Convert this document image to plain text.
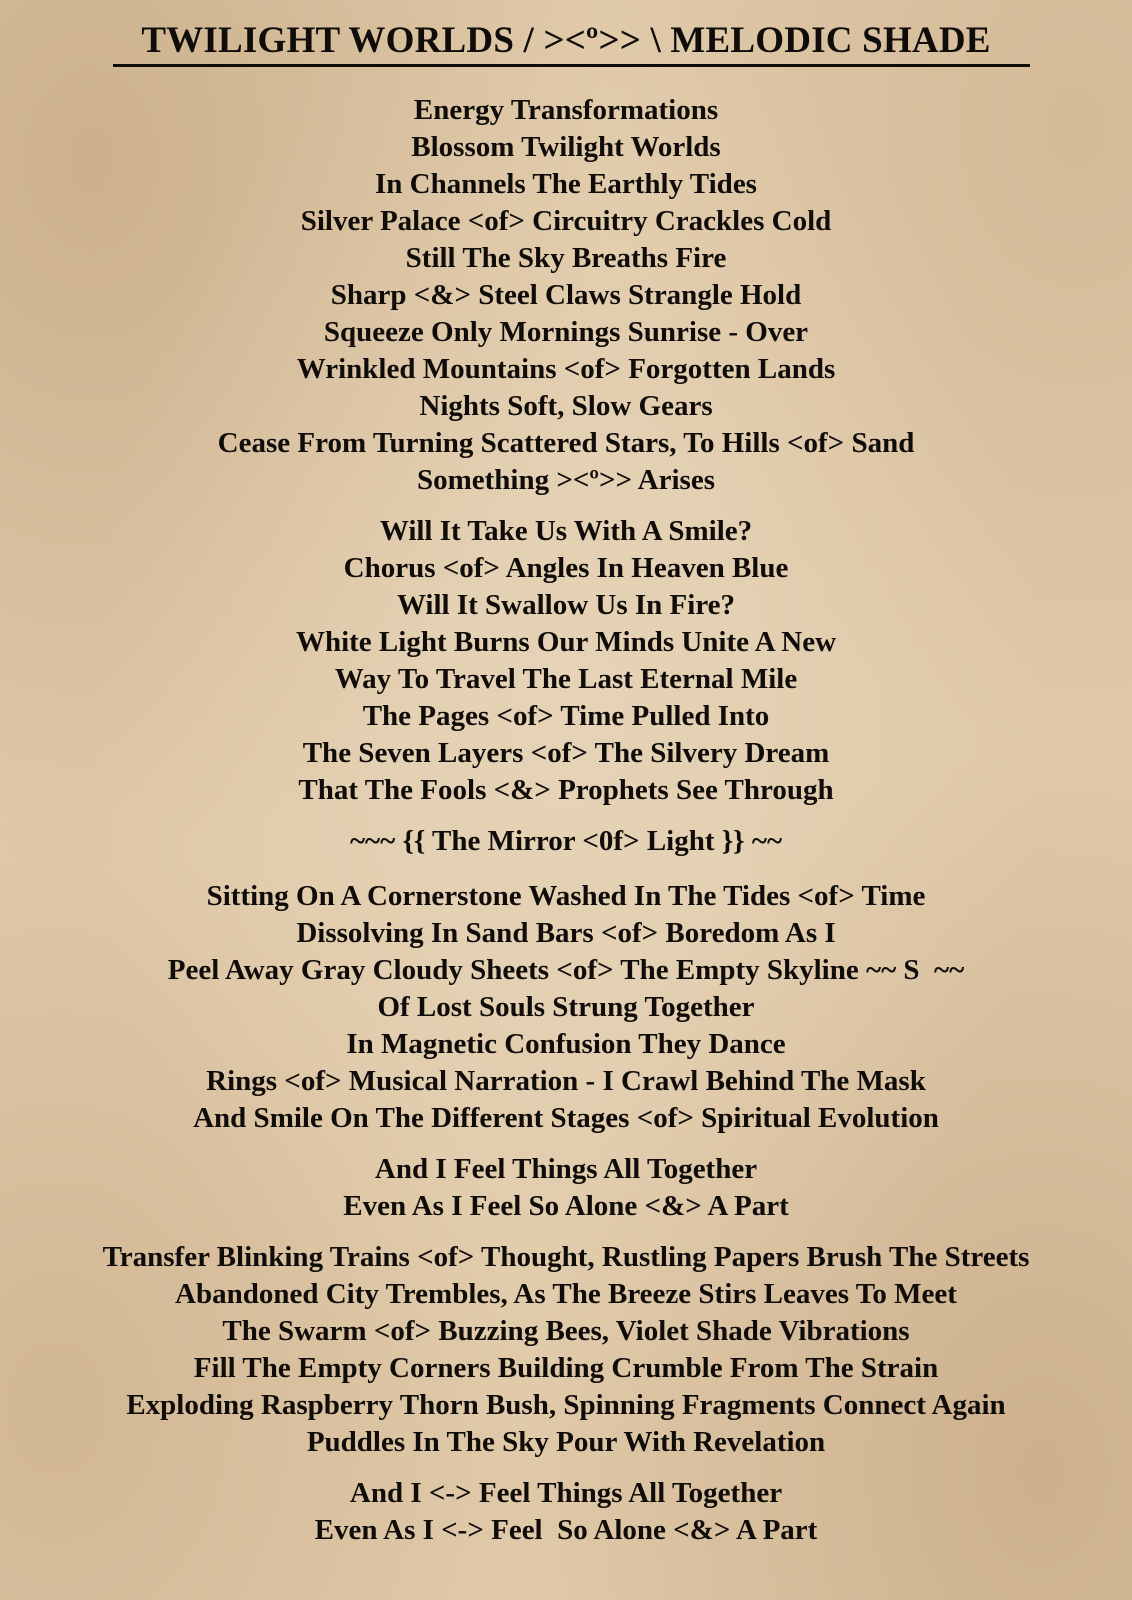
TWILIGHT WORLDS / ><º>> \ MELODIC SHADE
Energy Transformations
Blossom Twilight Worlds
In Channels The Earthly Tides
Silver Palace <of> Circuitry Crackles Cold
Still The Sky Breaths Fire
Sharp <&> Steel Claws Strangle Hold
Squeeze Only Mornings Sunrise - Over
Wrinkled Mountains <of> Forgotten Lands
Nights Soft, Slow Gears
Cease From Turning Scattered Stars, To Hills <of> Sand
Something ><º>> Arises
Will It Take Us With A Smile?
Chorus <of> Angles In Heaven Blue
Will It Swallow Us In Fire?
White Light Burns Our Minds Unite A New
Way To Travel The Last Eternal Mile
The Pages <of> Time Pulled Into
The Seven Layers <of> The Silvery Dream
That The Fools <&> Prophets See Through
~~~ {{ The Mirror <0f> Light }} ~~
Sitting On A Cornerstone Washed In The Tides <of> Time
Dissolving In Sand Bars <of> Boredom As I
Peel Away Gray Cloudy Sheets <of> The Empty Skyline ~~ S  ~~
Of Lost Souls Strung Together
In Magnetic Confusion They Dance
Rings <of> Musical Narration - I Crawl Behind The Mask
And Smile On The Different Stages <of> Spiritual Evolution
And I Feel Things All Together
Even As I Feel So Alone <&> A Part
Transfer Blinking Trains <of> Thought, Rustling Papers Brush The Streets
Abandoned City Trembles, As The Breeze Stirs Leaves To Meet
The Swarm <of> Buzzing Bees, Violet Shade Vibrations
Fill The Empty Corners Building Crumble From The Strain
Exploding Raspberry Thorn Bush, Spinning Fragments Connect Again
Puddles In The Sky Pour With Revelation
And I <-> Feel Things All Together
Even As I <-> Feel  So Alone <&> A Part
